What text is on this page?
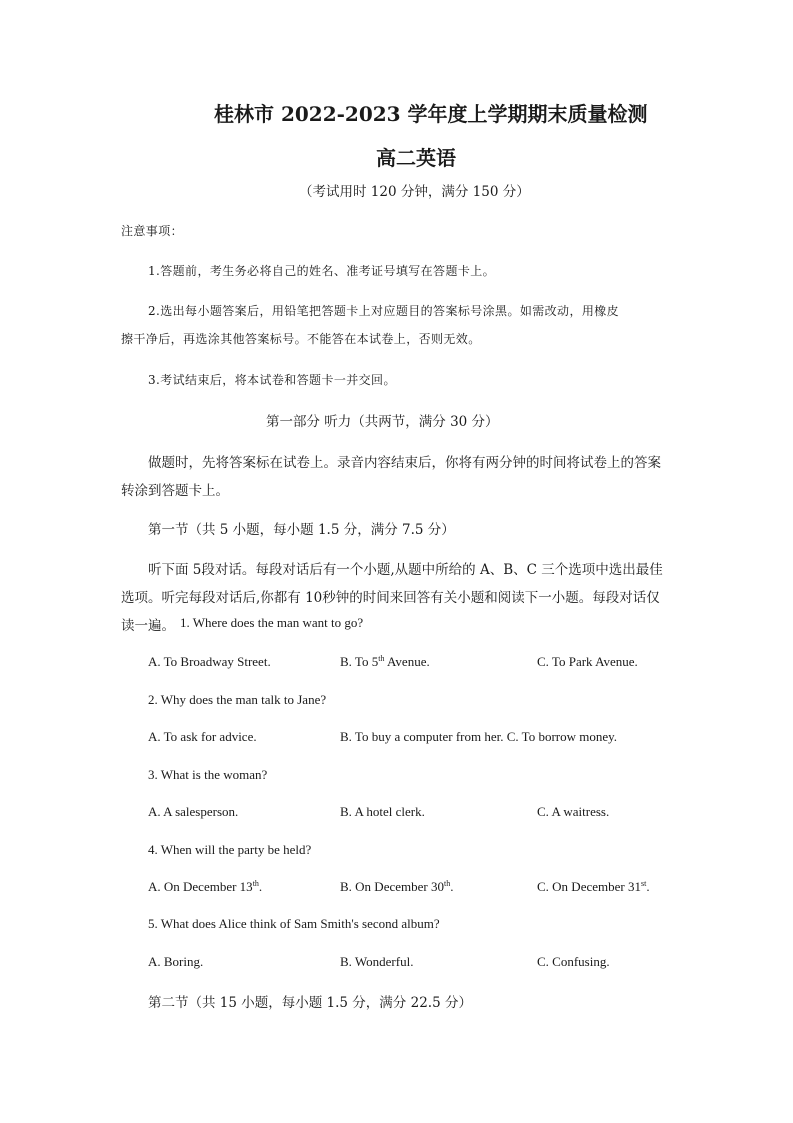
桂林市 2022-2023 学年度上学期期末质量检测
高二英语
（考试用时 120 分钟，满分 150 分）
注意事项：
1.答题前，考生务必将自己的姓名、准考证号填写在答题卡上。
2.选出每小题答案后，用铅笔把答题卡上对应题目的答案标号涂黑。如需改动，用橡皮
擦干净后，再选涂其他答案标号。不能答在本试卷上，否则无效。
3.考试结束后，将本试卷和答题卡一并交回。
第一部分 听力（共两节，满分 30 分）
做题时，先将答案标在试卷上。录音内容结束后，你将有两分钟的时间将试卷上的答案
转涂到答题卡上。
第一节（共 5 小题，每小题 1.5 分，满分 7.5 分）
听下面 5段对话。每段对话后有一个小题,从题中所给的 A、B、C 三个选项中选出最佳
选项。听完每段对话后,你都有 10秒钟的时间来回答有关小题和阅读下一小题。每段对话仅
读一遍。 1. Where does the man want to go?
A. To Broadway Street.	B. To 5th Avenue.	C. To Park Avenue.
2. Why does the man talk to Jane?
A. To ask for advice.	B. To buy a computer from her. C. To borrow money.
3. What is the woman?
A. A salesperson.	B. A hotel clerk.	C. A waitress.
4. When will the party be held?
A. On December 13th.	B. On December 30th.	C. On December 31st.
5. What does Alice think of Sam Smith's second album?
A. Boring.	B. Wonderful.	C. Confusing.
第二节（共 15 小题，每小题 1.5 分，满分 22.5 分）
